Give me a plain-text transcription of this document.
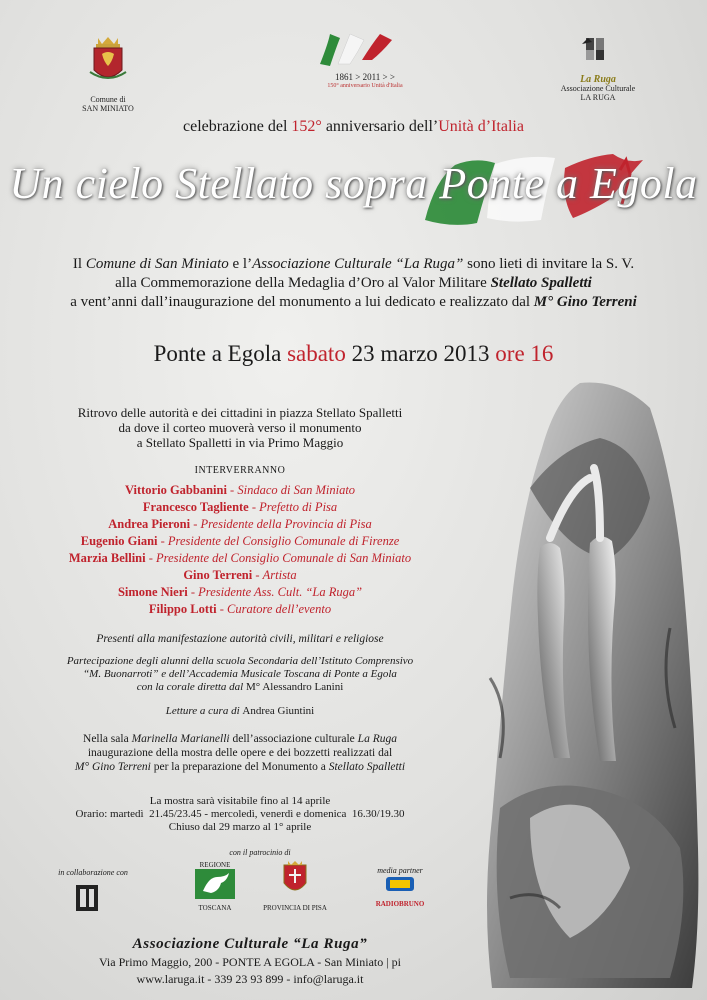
Comune di
SAN MINIATO
1861 > 2011 > >
150° anniversario Unità d'Italia
La Ruga
Associazione Culturale
LA RUGA
celebrazione del 152° anniversario dell’Unità d’Italia
Un cielo Stellato sopra Ponte a Egola
Il Comune di San Miniato e l’Associazione Culturale “La Ruga” sono lieti di invitare la S. V.
alla Commemorazione della Medaglia d’Oro al Valor Militare Stellato Spalletti
a vent’anni dall’inaugurazione del monumento a lui dedicato e realizzato dal M° Gino Terreni
Ponte a Egola sabato 23 marzo 2013 ore 16
Ritrovo delle autorità e dei cittadini in piazza Stellato Spalletti
da dove il corteo muoverà verso il monumento
a Stellato Spalletti in via Primo Maggio
INTERVERRANNO
Vittorio Gabbanini - Sindaco di San Miniato
Francesco Tagliente - Prefetto di Pisa
Andrea Pieroni - Presidente della Provincia di Pisa
Eugenio Giani - Presidente del Consiglio Comunale di Firenze
Marzia Bellini - Presidente del Consiglio Comunale di San Miniato
Gino Terreni - Artista
Simone Nieri - Presidente Ass. Cult. “La Ruga”
Filippo Lotti - Curatore dell’evento
Presenti alla manifestazione autorità civili, militari e religiose
Partecipazione degli alunni della scuola Secondaria dell’Istituto Comprensivo
“M. Buonarroti” e dell’Accademia Musicale Toscana di Ponte a Egola
con la corale diretta dal M° Alessandro Lanini
Letture a cura di Andrea Giuntini
Nella sala Marinella Marianelli dell’associazione culturale La Ruga
inaugurazione della mostra delle opere e dei bozzetti realizzati dal
M° Gino Terreni per la preparazione del Monumento a Stellato Spalletti
La mostra sarà visitabile fino al 14 aprile
Orario: martedì  21.45/23.45 - mercoledì, venerdì e domenica  16.30/19.30
Chiuso dal 29 marzo al 1° aprile
in collaborazione con
con il patrocinio di
REGIONE
TOSCANA	PROVINCIA DI PISA
media partner
RADIOBRUNO
Associazione Culturale “La Ruga”
Via Primo Maggio, 200 - PONTE A EGOLA - San Miniato | pi
www.laruga.it - 339 23 93 899 - info@laruga.it
